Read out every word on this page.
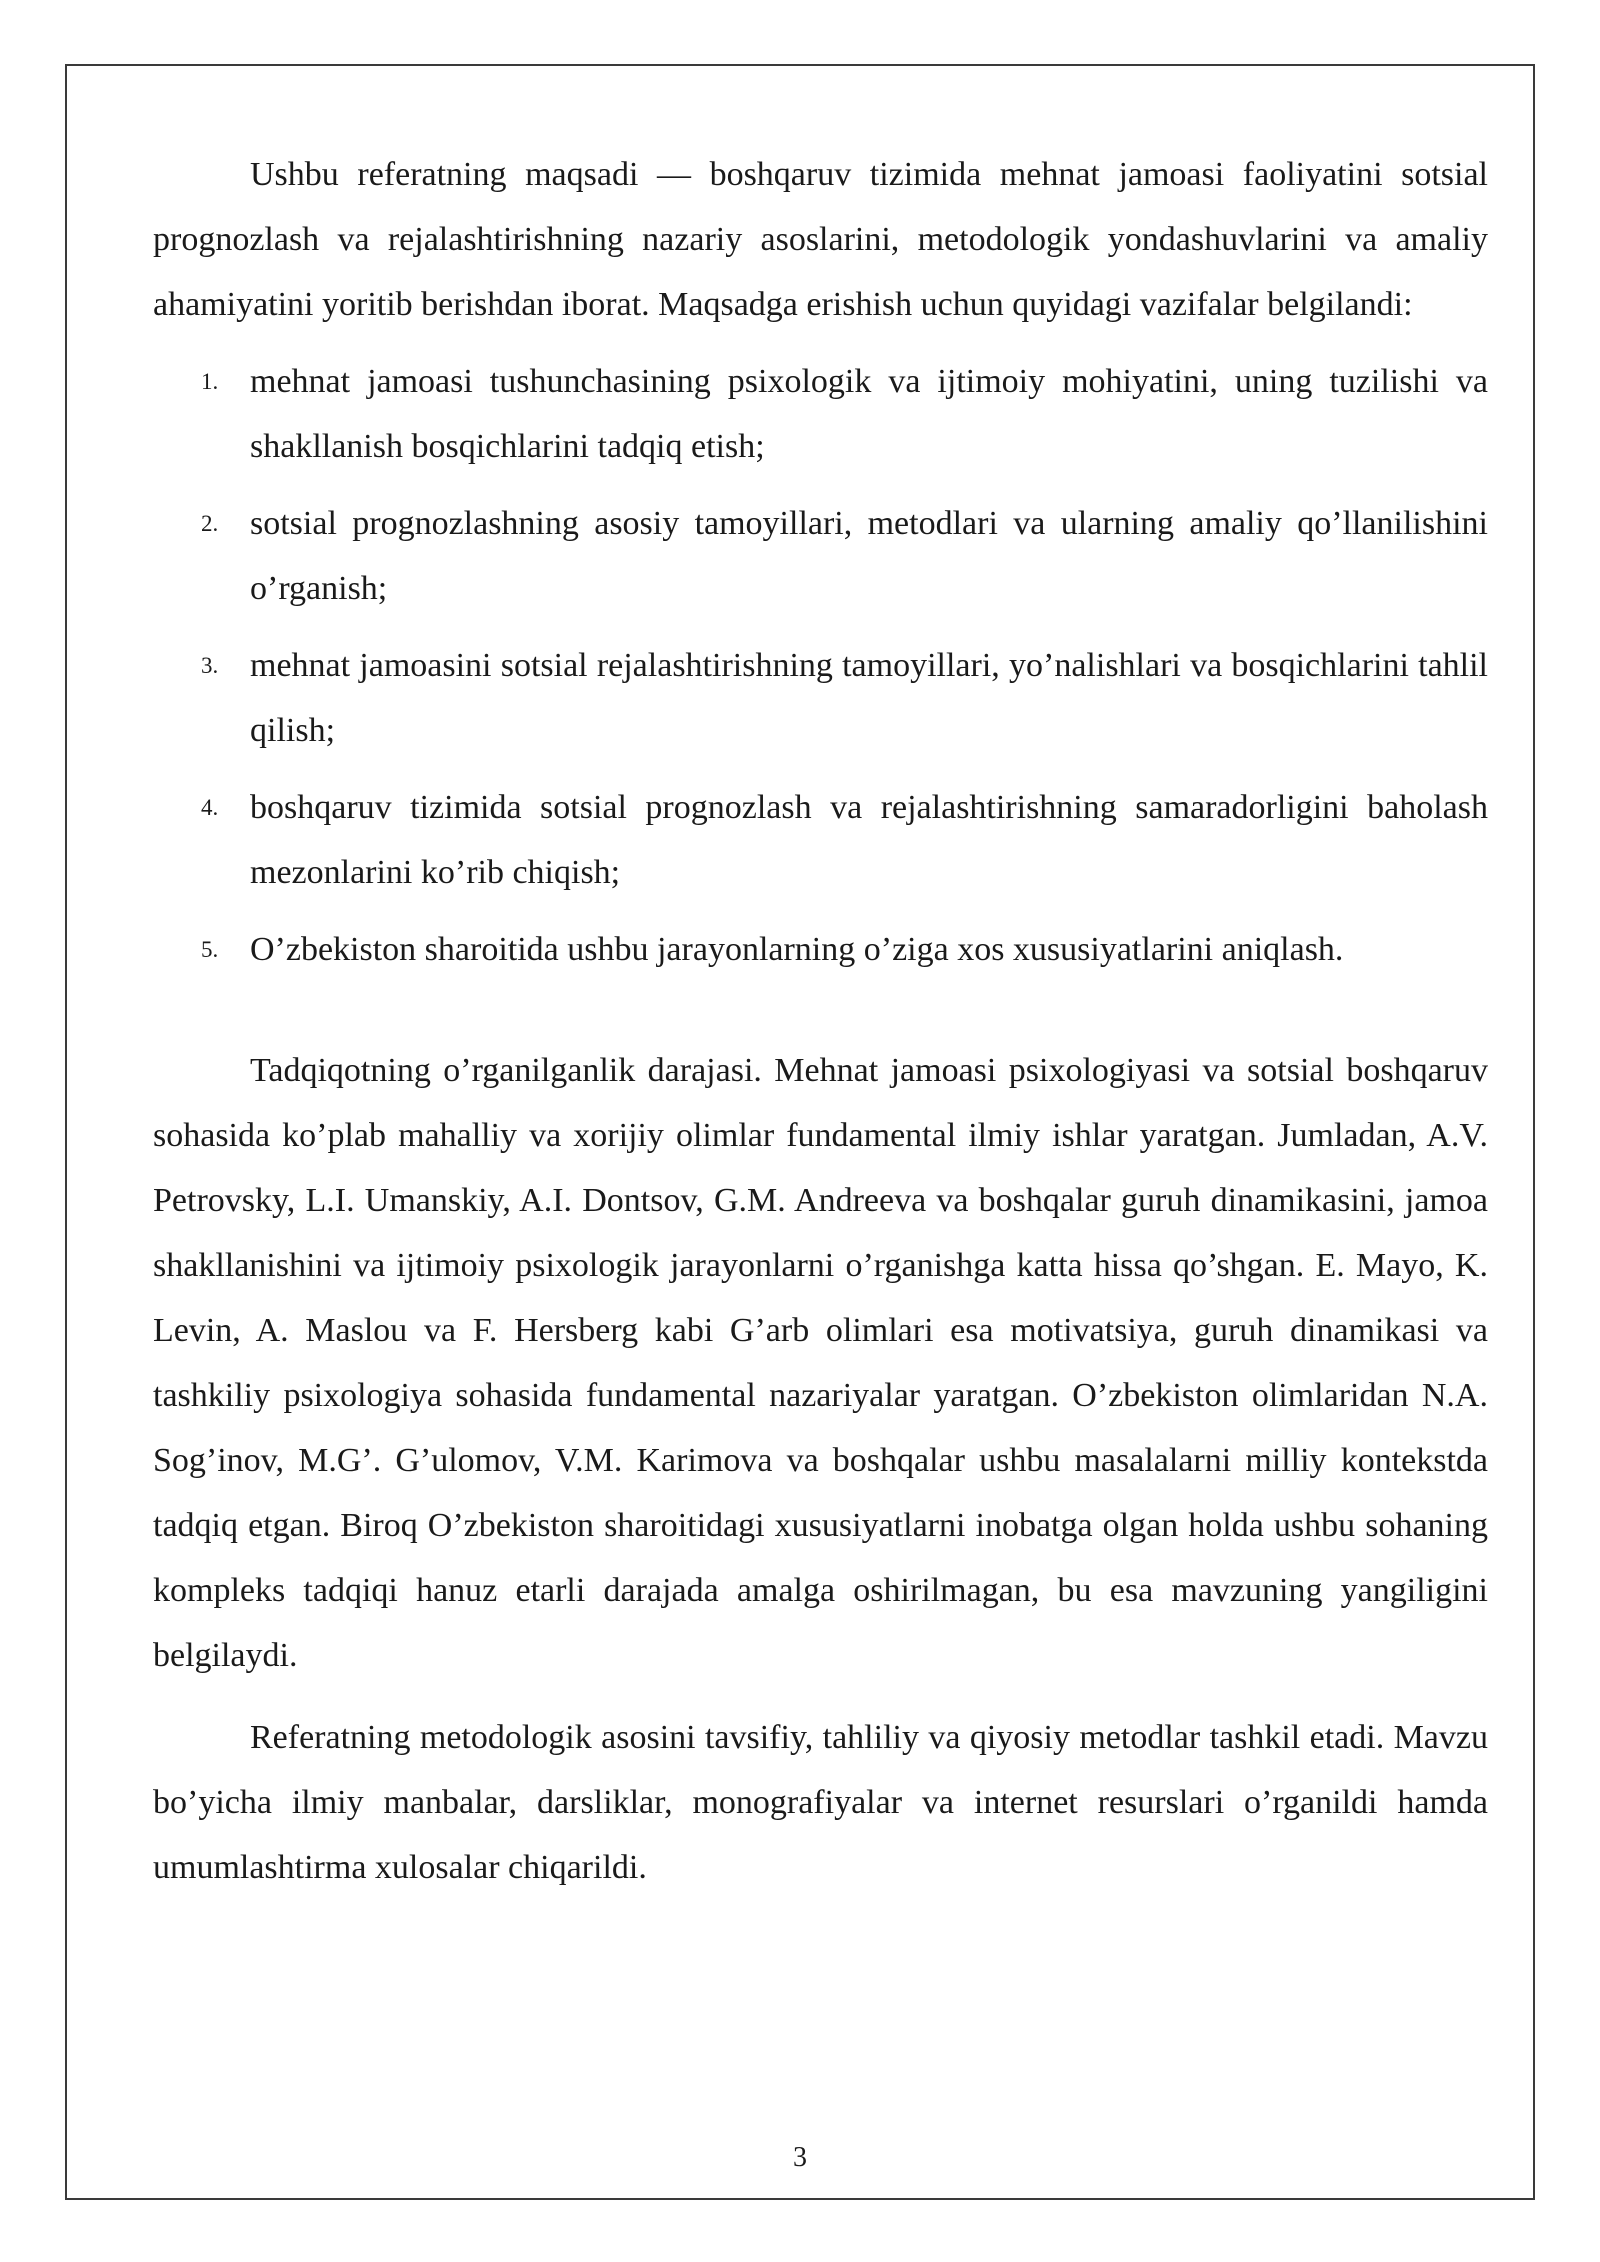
Ushbu referatning maqsadi — boshqaruv tizimida mehnat jamoasi faoliyatini sotsial prognozlash va rejalashtirishning nazariy asoslarini, metodologik yondashuvlarini va amaliy ahamiyatini yoritib berishdan iborat. Maqsadga erishish uchun quyidagi vazifalar belgilandi:

1. mehnat jamoasi tushunchasining psixologik va ijtimoiy mohiyatini, uning tuzilishi va shakllanish bosqichlarini tadqiq etish;
2. sotsial prognozlashning asosiy tamoyillari, metodlari va ularning amaliy qo’llanilishini o’rganish;
3. mehnat jamoasini sotsial rejalashtirishning tamoyillari, yo’nalishlari va bosqichlarini tahlil qilish;
4. boshqaruv tizimida sotsial prognozlash va rejalashtirishning samaradorligini baholash mezonlarini ko’rib chiqish;
5. O’zbekiston sharoitida ushbu jarayonlarning o’ziga xos xususiyatlarini aniqlash.

Tadqiqotning o’rganilganlik darajasi. Mehnat jamoasi psixologiyasi va sotsial boshqaruv sohasida ko’plab mahalliy va xorijiy olimlar fundamental ilmiy ishlar yaratgan. Jumladan, A.V. Petrovsky, L.I. Umanskiy, A.I. Dontsov, G.M. Andreeva va boshqalar guruh dinamikasini, jamoa shakllanishini va ijtimoiy psixologik jarayonlarni o’rganishga katta hissa qo’shgan. E. Mayo, K. Levin, A. Maslou va F. Hersberg kabi G’arb olimlari esa motivatsiya, guruh dinamikasi va tashkiliy psixologiya sohasida fundamental nazariyalar yaratgan. O’zbekiston olimlaridan N.A. Sog’inov, M.G’. G’ulomov, V.M. Karimova va boshqalar ushbu masalalarni milliy kontekstda tadqiq etgan. Biroq O’zbekiston sharoitidagi xususiyatlarni inobatga olgan holda ushbu sohaning kompleks tadqiqi hanuz etarli darajada amalga oshirilmagan, bu esa mavzuning yangiligini belgilaydi.

Referatning metodologik asosini tavsifiy, tahliliy va qiyosiy metodlar tashkil etadi. Mavzu bo’yicha ilmiy manbalar, darsliklar, monografiyalar va internet resurslari o’rganildi hamda umumlashtirma xulosalar chiqarildi.

3
